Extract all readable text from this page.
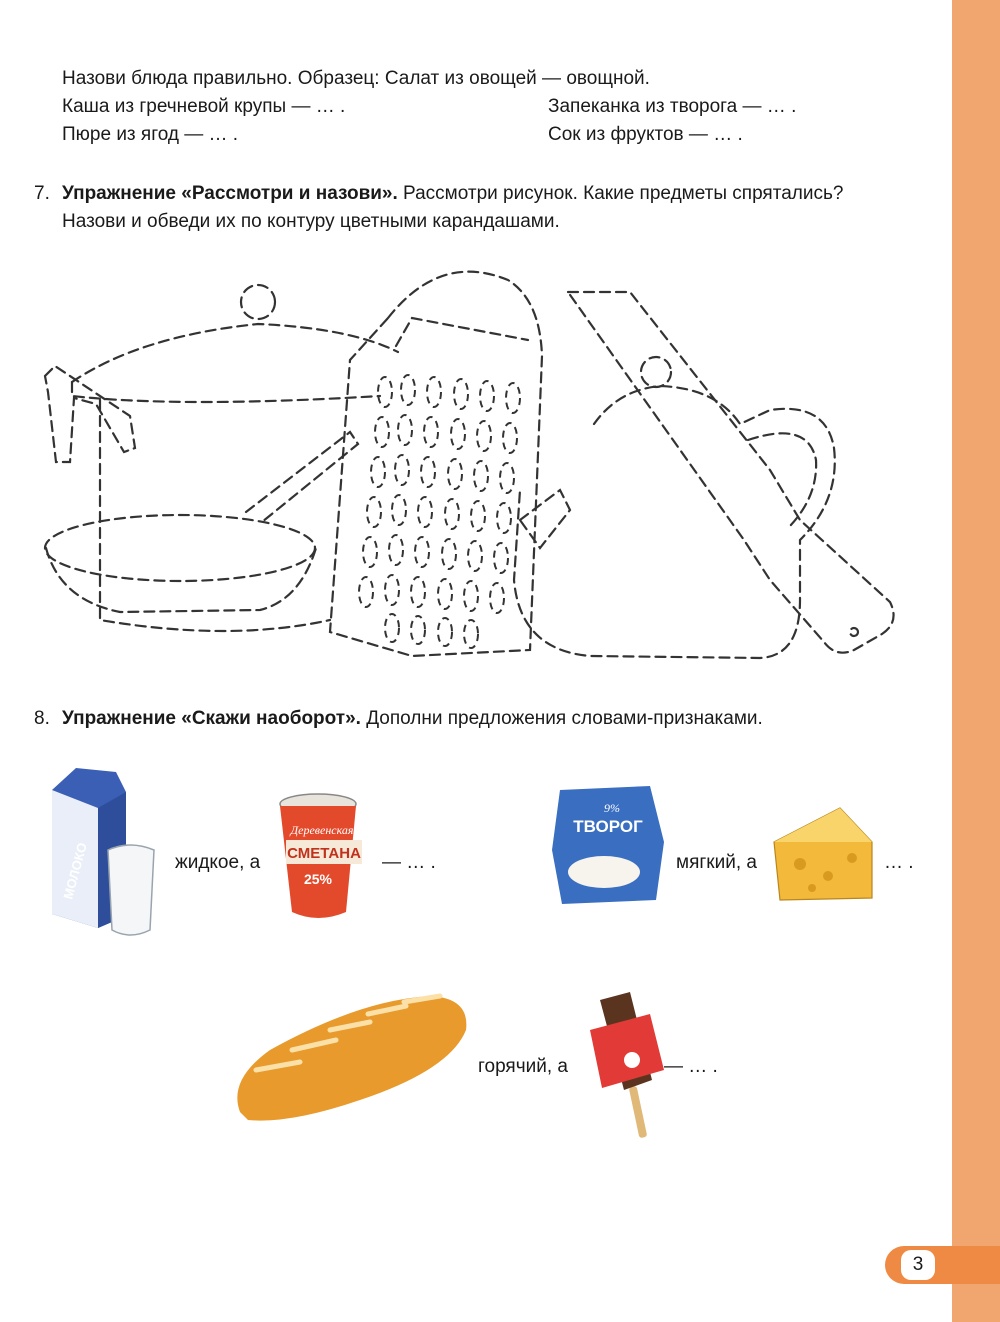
Назови блюда правильно. Образец: Салат из овощей — овощной.
Каша из гречневой крупы — … .	Запеканка из творога — … .
Пюре из ягод — … .	Сок из фруктов — … .
7. Упражнение «Рассмотри и назови». Рассмотри рисунок. Какие предметы спрятались?
Назови и обведи их по контуру цветными карандашами.
МОЛОКО
Деревенская
СМЕТАНА
25%
9%
ТВОРОГ
8. Упражнение «Скажи наоборот». Дополни предложения словами-признаками.
жидкое, а	— … .	мягкий, а	… .
горячий, а	— … .
3
